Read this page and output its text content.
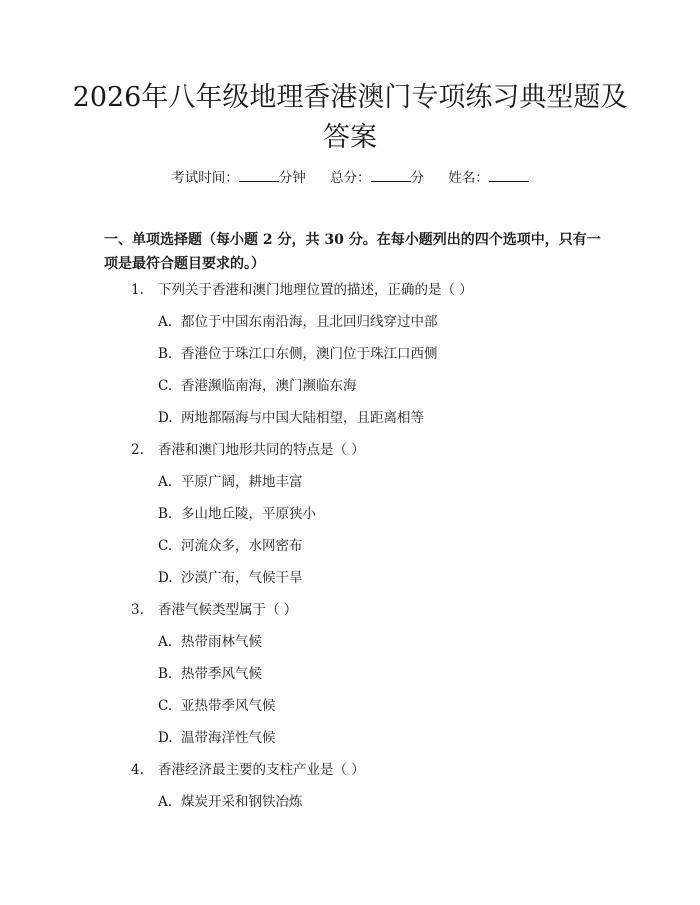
2026年八年级地理香港澳门专项练习典型题及答案
考试时间：	分钟 总分：	分 姓名：
一、单项选择题（每小题 2 分，共 30 分。在每小题列出的四个选项中，只有一项是最符合题目要求的。）
1. 下列关于香港和澳门地理位置的描述，正确的是（ ）
A. 都位于中国东南沿海，且北回归线穿过中部
B. 香港位于珠江口东侧，澳门位于珠江口西侧
C. 香港濒临南海，澳门濒临东海
D. 两地都隔海与中国大陆相望，且距离相等
2. 香港和澳门地形共同的特点是（ ）
A. 平原广阔，耕地丰富
B. 多山地丘陵，平原狭小
C. 河流众多，水网密布
D. 沙漠广布，气候干旱
3. 香港气候类型属于（ ）
A. 热带雨林气候
B. 热带季风气候
C. 亚热带季风气候
D. 温带海洋性气候
4. 香港经济最主要的支柱产业是（ ）
A. 煤炭开采和钢铁冶炼
